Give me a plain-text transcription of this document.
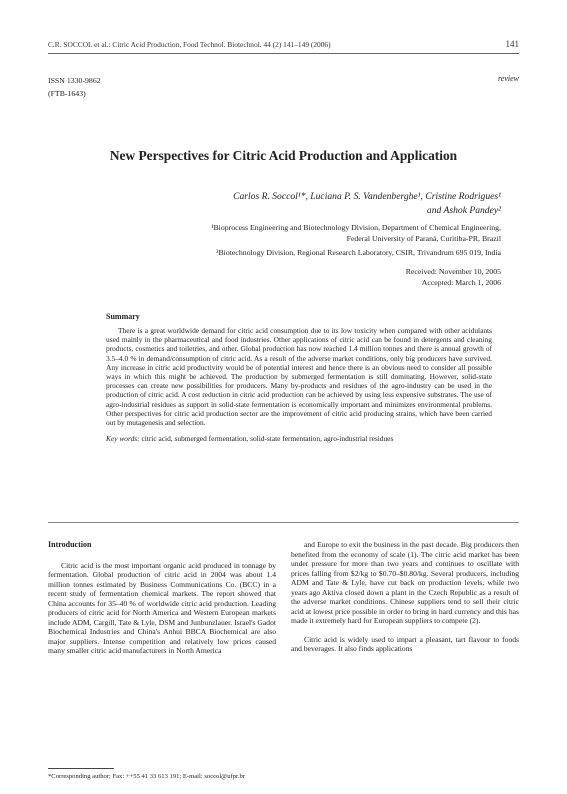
C.R. SOCCOL et al.: Citric Acid Production, Food Technol. Biotechnol. 44 (2) 141–149 (2006)	141
ISSN 1330-9862
(FTB-1643)
review
New Perspectives for Citric Acid Production and Application
Carlos R. Soccol¹*, Luciana P. S. Vandenberghe¹, Cristine Rodrigues¹
and Ashok Pandey²
¹Bioprocess Engineering and Biotechnology Division, Department of Chemical Engineering,
Federal University of Paraná, Curitiba-PR, Brazil
²Biotechnology Division, Regional Research Laboratory, CSIR, Trivandrum 695 019, India
Received: November 10, 2005
Accepted: March 1, 2006
Summary

There is a great worldwide demand for citric acid consumption due to its low toxicity when compared with other acidulants used mainly in the pharmaceutical and food industries. Other applications of citric acid can be found in detergents and cleaning products, cosmetics and toiletries, and other. Global production has now reached 1.4 million tonnes and there is annual growth of 3.5–4.0 % in demand/consumption of citric acid. As a result of the adverse market conditions, only big producers have survived. Any increase in citric acid productivity would be of potential interest and hence there is an obvious need to consider all possible ways in which this might be achieved. The production by submerged fermentation is still dominating. However, solid-state processes can create new possibilities for producers. Many by-products and residues of the agro-industry can be used in the production of citric acid. A cost reduction in citric acid production can be achieved by using less expensive substrates. The use of agro-industrial residues as support in solid-state fermentation is economically important and minimizes environmental problems. Other perspectives for citric acid production sector are the improvement of citric acid producing strains, which have been carried out by mutagenesis and selection.

Key words: citric acid, submerged fermentation, solid-state fermentation, agro-industrial residues

Introduction

Citric acid is the most important organic acid produced in tonnage by fermentation. Global production of citric acid in 2004 was about 1.4 million tonnes estimated by Business Communications Co. (BCC) in a recent study of fermentation chemical markets. The report showed that China accounts for 35–40 % of worldwide citric acid production. Leading producers of citric acid for North America and Western European markets include ADM, Cargill, Tate & Lyle, DSM and Junbunzlauer. Israel's Gadot Biochemical Industries and China's Anhui BBCA Biochemical are also major suppliers. Intense competition and relatively low prices caused many smaller citric acid manufacturers in North America

and Europe to exit the business in the past decade. Big producers then benefited from the economy of scale (1). The citric acid market has been under pressure for more than two years and continues to oscillate with prices falling from $2/kg to $0.70–$0.80/kg. Several producers, including ADM and Tate & Lyle, have cut back on production levels, while two years ago Aktiva closed down a plant in the Czech Republic as a result of the adverse market conditions. Chinese suppliers tend to sell their citric acid at lowest price possible in order to bring in hard currency and this has made it extremely hard for European suppliers to compete (2).

Citric acid is widely used to impart a pleasant, tart flavour to foods and beverages. It also finds applications

*Corresponding author; Fax: ++55 41 33 613 191; E-mail: soccol@ufpr.br
